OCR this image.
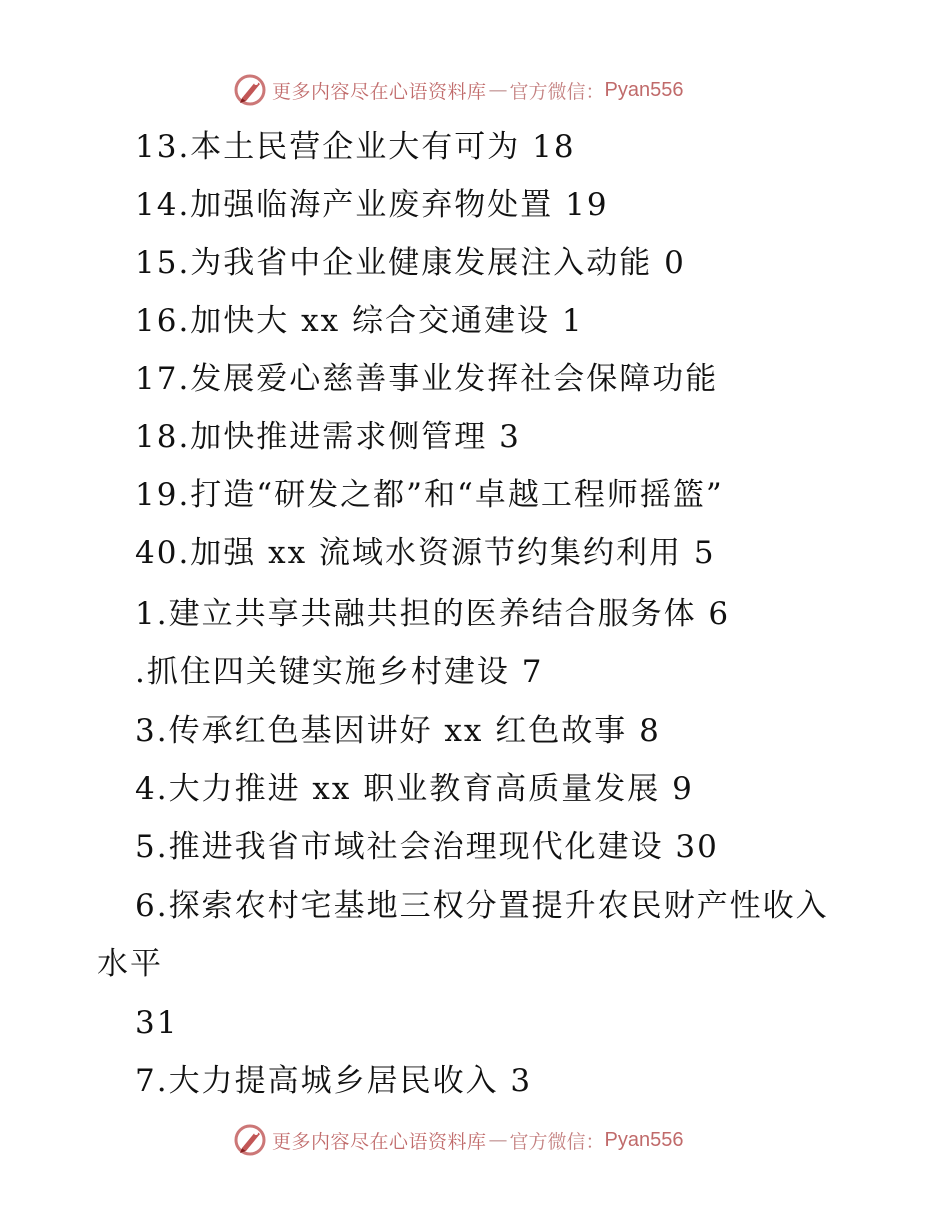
更多内容尽在心语资料库 — 官方微信： Pyan556
13.本土民营企业大有可为 18
14.加强临海产业废弃物处置 19
15.为我省中企业健康发展注入动能 0
16.加快大 xx 综合交通建设 1
17.发展爱心慈善事业发挥社会保障功能
18.加快推进需求侧管理 3
19.打造“研发之都”和“卓越工程师摇篮”
40.加强 xx 流域水资源节约集约利用 5
1.建立共享共融共担的医养结合服务体 6
.抓住四关键实施乡村建设 7
3.传承红色基因讲好 xx 红色故事 8
4.大力推进 xx 职业教育高质量发展 9
5.推进我省市域社会治理现代化建设 30
6.探索农村宅基地三权分置提升农民财产性收入
水平
31
7.大力提高城乡居民收入 3
更多内容尽在心语资料库 — 官方微信： Pyan556
